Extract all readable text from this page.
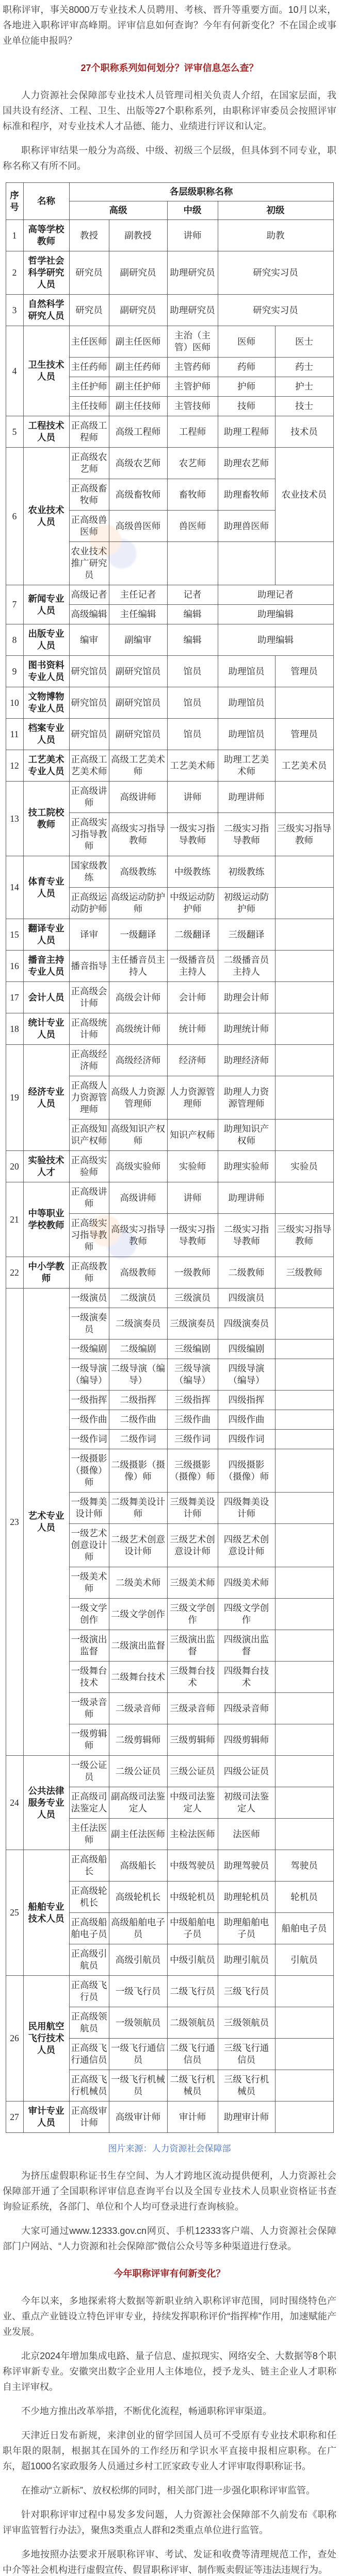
职称评审，事关8000万专业技术人员聘用、考核、晋升等重要方面。10月以来，各地进入职称评审高峰期。评审信息如何查询？今年有何新变化？不在国企或事业单位能申报吗？

27个职称系列如何划分？评审信息怎么查？

人力资源社会保障部专业技术人员管理司相关负责人介绍，在国家层面，我国共设有经济、工程、卫生、出版等27个职称系列，由职称评审委员会按照评审标准和程序，对专业技术人才品德、能力、业绩进行评议和认定。

职称评审结果一般分为高级、中级、初级三个层级，但具体到不同专业，职称名称又有所不同。

序号	名称	各层级职称名称				
		高级		中级	初级	
1	高等学校教师	教授	副教授	讲师	助教	
2	哲学社会科学研究人员	研究员	副研究员	助理研究员	研究实习员	
3	自然科学研究人员	研究员	副研究员	助理研究员	研究实习员	
4	卫生技术人员	主任医师	副主任医师	主治（主管）医师	医师	医士
		主任药师	副主任药师	主管药师	药师	药士
		主任护师	副主任护师	主管护师	护师	护士
		主任技师	副主任技师	主管技师	技师	技士
5	工程技术人员	正高级工程师	高级工程师	工程师	助理工程师	技术员
6	农业技术人员	正高级农艺师	高级农艺师	农艺师	助理农艺师	农业技术员
		正高级畜牧师	高级畜牧师	畜牧师	助理畜牧师	
		正高级兽医师	高级兽医师	兽医师	助理兽医师	
		农业技术推广研究员				
7	新闻专业人员	高级记者	主任记者	记者	助理记者	
		高级编辑	主任编辑	编辑	助理编辑	
8	出版专业人员	编审	副编审	编辑	助理编辑	
9	图书资料专业人员	研究馆员	副研究馆员	馆员	助理馆员	管理员
10	文物博物专业人员	研究馆员	副研究馆员	馆员	助理馆员	
11	档案专业人员	研究馆员	副研究馆员	馆员	助理馆员	管理员
12	工艺美术专业人员	正高级工艺美术师	高级工艺美术师	工艺美术师	助理工艺美术师	工艺美术员
13	技工院校教师	正高级讲师	高级讲师	讲师	助理讲师	
		正高级实习指导教师	高级实习指导教师	一级实习指导教师	二级实习指导教师	三级实习指导教师
14	体育专业人员	国家级教练	高级教练	中级教练	初级教练	
		正高级运动防护师	高级运动防护师	中级运动防护师	初级运动防护师	
15	翻译专业人员	译审	一级翻译	二级翻译	三级翻译	
16	播音主持专业人员	播音指导	主任播音员主持人	一级播音员主持人	二级播音员主持人	
17	会计人员	正高级会计师	高级会计师	会计师	助理会计师	
18	统计专业人员	正高级统计师	高级统计师	统计师	助理统计师	
19	经济专业人员	正高级经济师	高级经济师	经济师	助理经济师	
		正高级人力资源管理师	高级人力资源管理师	人力资源管理师	助理人力资源管理师	
		正高级知识产权师	高级知识产权师	知识产权师	助理知识产权师	
20	实验技术人才	正高级实验师	高级实验师	实验师	助理实验师	实验员
21	中等职业学校教师	正高级讲师	高级讲师	讲师	助理讲师	
		正高级实习指导教师	高级实习指导教师	一级实习指导教师	二级实习指导教师	三级实习指导教师
22	中小学教师	正高级教师	高级教师	一级教师	二级教师	三级教师
23	艺术专业人员	一级演员	二级演员	三级演员	四级演员	
		一级演奏员	二级演奏员	三级演奏员	四级演奏员	
		一级编剧	二级编剧	三级编剧	四级编剧	
		一级导演（编导）	二级导演（编导）	三级导演（编导）	四级导演（编导）	
		一级指挥	二级指挥	三级指挥	四级指挥	
		一级作曲	二级作曲	三级作曲	四级作曲	
		一级作词	二级作词	三级作词	四级作词	
		一级摄影（摄像）师	二级摄影（摄像）师	三级摄影（摄像）师	四级摄影（摄像）师	
		一级舞美设计师	二级舞美设计师	三级舞美设计师	四级舞美设计师	
		一级艺术创意设计师	二级艺术创意设计师	三级艺术创意设计师	四级艺术创意设计师	
		一级美术师	二级美术师	三级美术师	四级美术师	
		一级文学创作	二级文学创作	三级文学创作	四级文学创作	
		一级演出监督	二级演出监督	三级演出监督	四级演出监督	
		一级舞台技术	二级舞台技术	三级舞台技术	四级舞台技术	
		一级录音师	二级录音师	三级录音师	四级录音师	
		一级剪辑师	二级剪辑师	三级剪辑师	四级剪辑师	
24	公共法律服务专业人员	一级公证员	二级公证员	三级公证员	四级公证员	
		正高级司法鉴定人	副高级司法鉴定人	中级司法鉴定人	初级司法鉴定人	
		主任法医师	副主任法医师	主检法医师	法医师	
25	船舶专业技术人员	正高级船长	高级船长	中级驾驶员	助理驾驶员	驾驶员
		正高级轮机长	高级轮机长	中级轮机员	助理轮机员	轮机员
		正高级船舶电子员	高级船舶电子员	中级船舶电子员	助理船舶电子员	船舶电子员
		正高级引航员	高级引航员	中级引航员	助理引航员	引航员
26	民用航空飞行技术人员	正高级飞行员	一级飞行员	二级飞行员	三级飞行员	
		正高级领航员	一级领航员	二级领航员	三级领航员	
		正高级飞行通信员	一级飞行通信员	二级飞行通信员	三级飞行通信员	
		正高级飞行机械员	一级飞行机械员	二级飞行机械员	三级飞行机械员	
27	审计专业人员	正高级审计师	高级审计师	审计师	助理审计师	

图片来源：人力资源社会保障部

为挤压虚假职称证书生存空间、为人才跨地区流动提供便利，人力资源社会保障部开通了全国职称评审信息查询平台以及全国专业技术人员职业资格证书查询验证系统，各部门、单位和个人均可登录进行查询核验。

大家可通过www.12333.gov.cn网页、手机12333客户端、人力资源社会保障部门户网站、“人力资源和社会保障部”微信公众号等多种渠道进行登录。

今年职称评审有何新变化？

今年以来，多地探索将大数据等新职业纳入职称评审范围，同时围绕特色产业、重点产业链设立特色评审专业，持续发挥职称评价“指挥棒”作用，加速赋能产业发展。

北京2024年增加集成电路、量子信息、虚拟现实、网络安全、大数据等8个职称评审新专业。安徽突出数字企业用人主体地位，授予龙头、链主企业人才职称自主评审权。

不少地方推出改革举措，不断优化流程，畅通职称评审渠道。

天津近日发布新规，来津创业的留学回国人员可不受原有专业技术职称和任职年限的限制，根据其在国外的工作经历和学识水平直接申报相应职称。在广东，超1000名家政服务人员通过乡村工匠家政专业人才评审取得职称证书。

在推动“立新标”、放权松绑的同时，相关部门进一步强化职称评审监管。

针对职称评审过程中易发多发问题，人力资源社会保障部不久前发布《职称评审监管暂行办法》，聚焦3类重点人群和2类重点单位进行监管。

多地按照办法要求开展职称评审、考试、发证和收费等清理规范工作，查处中介等社会机构进行虚假宣传、假冒职称评审、制作贩卖假证等违法违规行为。
